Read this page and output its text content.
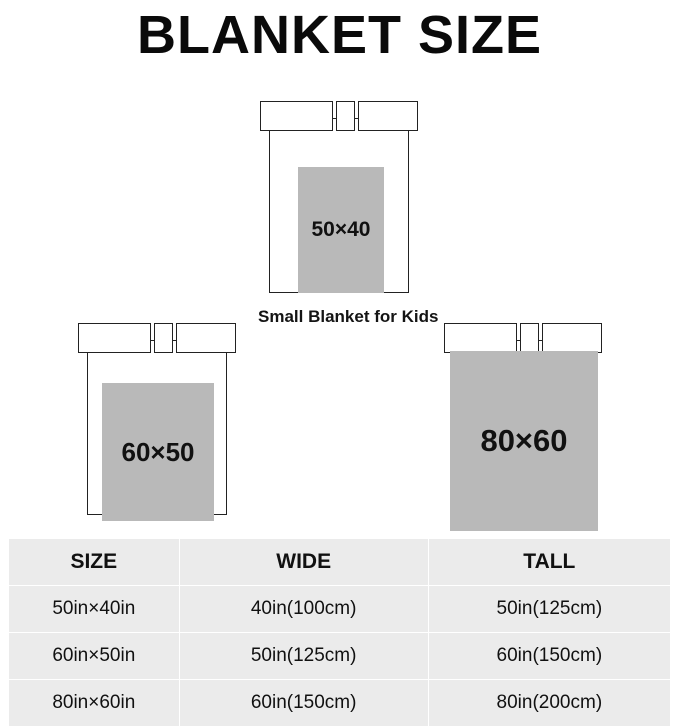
BLANKET SIZE
50×40
Small Blanket for Kids
60×50	80×60
SIZE	WIDE	TALL
50in×40in	40in(100cm)	50in(125cm)
60in×50in	50in(125cm)	60in(150cm)
80in×60in	60in(150cm)	80in(200cm)
